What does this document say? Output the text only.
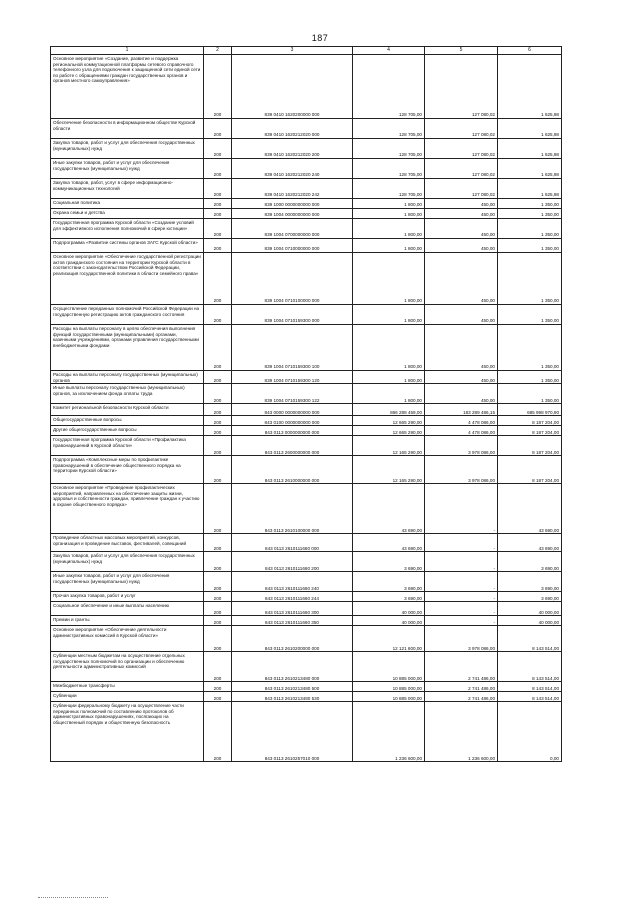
187
1	2	3	4	5	6
Основное мероприятие «Создание, развитие и поддержка региональной коммутационной платформы сетевого справочного телефонного узла для подключения к защищенной сети единой сети по работе с обращениями граждан государственных органов и органов местного самоуправления»	200	839 0410 1620200000 000	128 705,00	127 080,02	1 625,98
Обеспечение безопасности в информационном обществе Курской области	200	839 0410 1620212020 000	128 705,00	127 080,02	1 625,98
Закупка товаров, работ и услуг для обеспечения государственных (муниципальных) нужд	200	839 0410 1620212020 200	128 705,00	127 080,02	1 625,98
Иные закупки товаров, работ и услуг для обеспечения государственных (муниципальных) нужд	200	839 0410 1620212020 240	128 705,00	127 080,02	1 625,98
Закупка товаров, работ, услуг в сфере информационно-коммуникационных технологий	200	839 0410 1620212020 242	128 705,00	127 080,02	1 625,98
Социальная политика	200	839 1000 0000000000 000	1 800,00	450,00	1 350,00
Охрана семьи и детства	200	839 1004 0000000000 000	1 800,00	450,00	1 350,00
Государственная программа Курской области «Создание условий для эффективного исполнения полномочий в сфере юстиции»	200	839 1004 0700000000 000	1 800,00	450,00	1 350,00
Подпрограмма «Развитие системы органов ЗАГС Курской области»	200	839 1004 0710000000 000	1 800,00	450,00	1 350,00
Основное мероприятие «Обеспечение государственной регистрации актов гражданского состояния на территории Курской области в соответствии с законодательством Российской Федерации, реализация государственной политики в области семейного права»	200	839 1004 0710100000 000	1 800,00	450,00	1 350,00
Осуществление переданных полномочий Российской Федерации на государственную регистрацию актов гражданского состояния	200	839 1004 0710159300 000	1 800,00	450,00	1 350,00
Расходы на выплаты персоналу в целях обеспечения выполнения функций государственными (муниципальными) органами, казенными учреждениями, органами управления государственными внебюджетными фондами	200	839 1004 0710159300 100	1 800,00	450,00	1 350,00
Расходы на выплаты персоналу государственных (муниципальных) органов	200	839 1004 0710159300 120	1 800,00	450,00	1 350,00
Иные выплаты персоналу государственных (муниципальных) органов, за исключением фонда оплаты труда	200	839 1004 0710159300 122	1 800,00	450,00	1 350,00
Комитет региональной безопасности Курской области	200	843 0000 0000000000 000	866 288 459,00	183 289 486,15	685 998 970,90
Общегосударственные вопросы	200	843 0100 0000000000 000	12 665 290,00	4 478 086,00	8 187 204,00
Другие общегосударственные вопросы	200	843 0113 0000000000 000	12 665 290,00	4 478 086,00	8 187 204,00
Государственная программа Курской области «Профилактика правонарушений в Курской области»	200	843 0113 2600000000 000	12 165 290,00	3 978 086,00	8 187 204,00
Подпрограмма «Комплексные меры по профилактике правонарушений в обеспечение общественного порядка на территории Курской области»	200	843 0113 2610000000 000	12 165 290,00	3 978 086,00	8 187 204,00
Основное мероприятие «Проведение профилактических мероприятий, направленных на обеспечение защиты жизни, здоровья и собственности граждан, привлечение граждан к участию в охране общественного порядка»	200	843 0113 2610100000 000	43 690,00	-	43 690,00
Проведение областных массовых мероприятий, конкурсов, организация и проведение выставок, фестивалей, совещаний	200	843 0113 2610111660 000	43 690,00	-	43 690,00
Закупка товаров, работ и услуг для обеспечения государственных (муниципальных) нужд	200	843 0113 2610111660 200	3 690,00	-	3 690,00
Иные закупки товаров, работ и услуг для обеспечения государственных (муниципальных) нужд	200	843 0113 2610111660 240	3 690,00	-	3 690,00
Прочая закупка товаров, работ и услуг	200	843 0113 2610111660 244	3 690,00	-	3 690,00
Социальное обеспечение и иные выплаты населению	200	843 0113 2610111660 300	40 000,00	-	40 000,00
Премии и гранты	200	843 0113 2610111660 350	40 000,00	-	40 000,00
Основное мероприятие «Обеспечение деятельности административных комиссий в Курской области»	200	843 0113 2610200000 000	12 121 600,00	3 978 086,00	8 143 514,00
Субвенции местным бюджетам на осуществление отдельных государственных полномочий по организации и обеспечению деятельности административных комиссий	200	843 0113 2610213480 000	10 885 000,00	2 741 486,00	8 143 514,00
Межбюджетные трансферты	200	843 0113 2610213480 500	10 885 000,00	2 741 486,00	8 143 514,00
Субвенции	200	843 0113 2610213480 530	10 885 000,00	2 741 486,00	8 143 514,00
Субвенции федеральному бюджету на осуществление части переданных полномочий по составлению протоколов об административных правонарушениях, посягающих на общественный порядок и общественную безопасность	200	843 0113 2610257010 000	1 236 600,00	1 236 600,00	0,00
